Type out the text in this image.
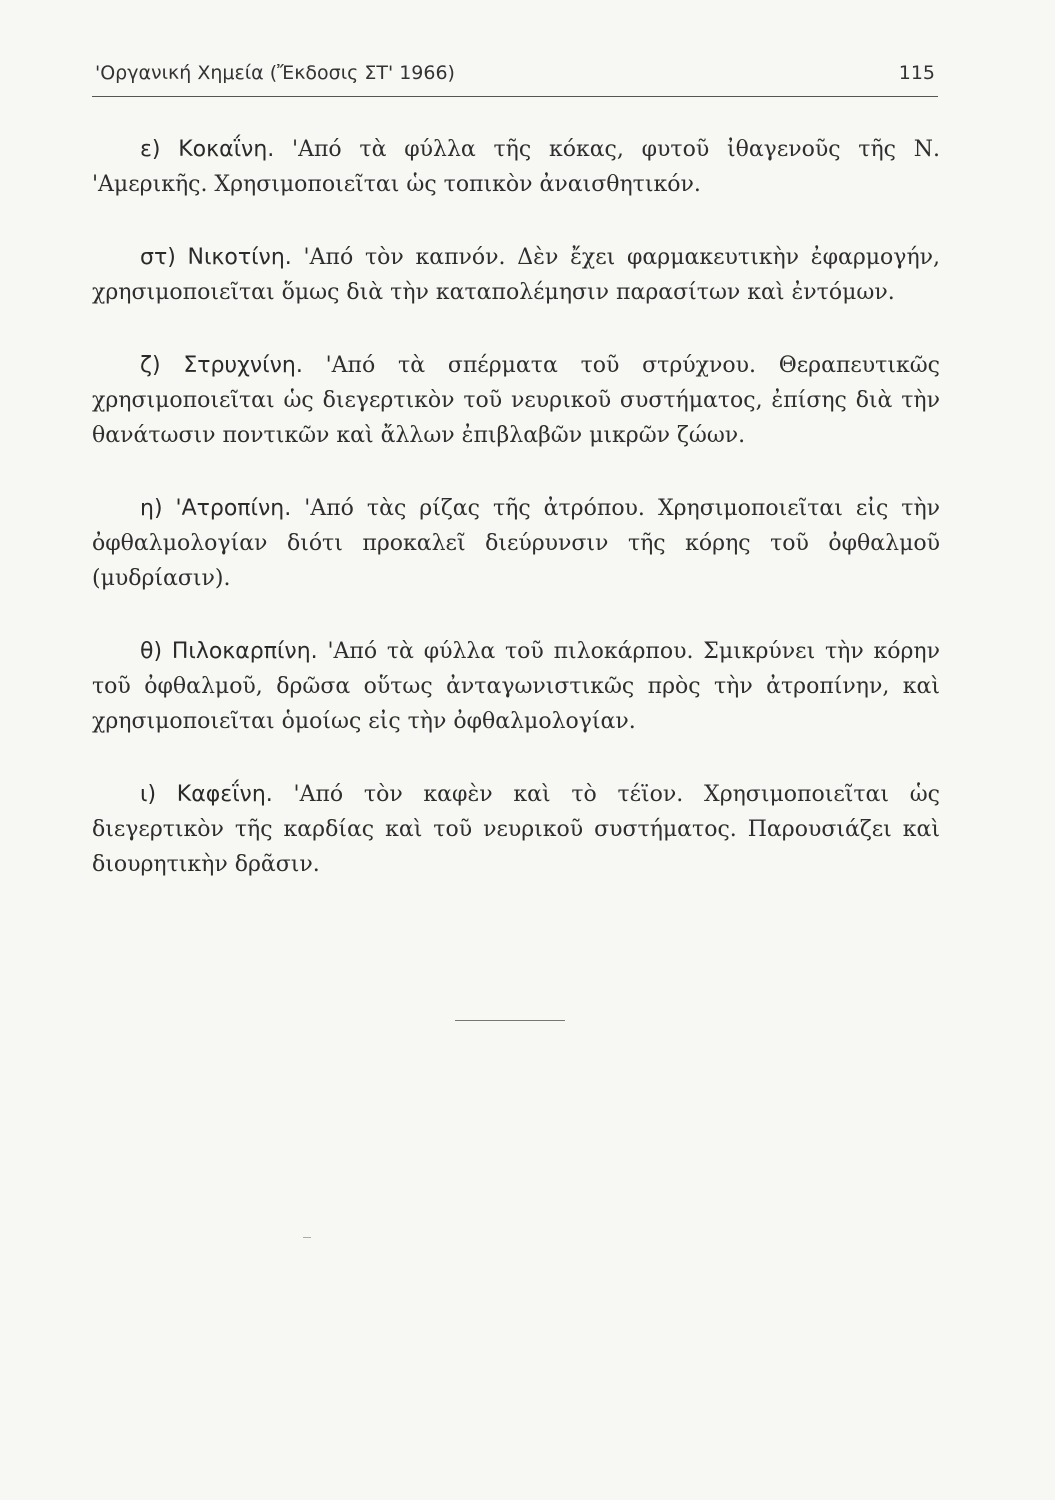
'Οργανική Χημεία (Ἔκδοσις ΣΤ' 1966)	115

ε) Κοκαΐνη. 'Από τὰ φύλλα τῆς κόκας, φυτοῦ ἰθαγενοῦς τῆς Ν. 'Αμερικῆς. Χρησιμοποιεῖται ὡς τοπικὸν ἀναισθητικόν.

στ) Νικοτίνη. 'Από τὸν καπνόν. Δὲν ἔχει φαρμακευτικὴν ἐφαρμογήν, χρησιμοποιεῖται ὅμως διὰ τὴν καταπολέμησιν παρασίτων καὶ ἐντόμων.

ζ) Στρυχνίνη. 'Από τὰ σπέρματα τοῦ στρύχνου. Θεραπευτικῶς χρησιμοποιεῖται ὡς διεγερτικὸν τοῦ νευρικοῦ συστήματος, ἐπίσης διὰ τὴν θανάτωσιν ποντικῶν καὶ ἄλλων ἐπιβλαβῶν μικρῶν ζώων.

η) 'Ατροπίνη. 'Από τὰς ρίζας τῆς ἀτρόπου. Χρησιμοποιεῖται εἰς τὴν ὀφθαλμολογίαν διότι προκαλεῖ διεύρυνσιν τῆς κόρης τοῦ ὀφθαλμοῦ (μυδρίασιν).

θ) Πιλοκαρπίνη. 'Από τὰ φύλλα τοῦ πιλοκάρπου. Σμικρύνει τὴν κόρην τοῦ ὀφθαλμοῦ, δρῶσα οὕτως ἀνταγωνιστικῶς πρὸς τὴν ἀτροπίνην, καὶ χρησιμοποιεῖται ὁμοίως εἰς τὴν ὀφθαλμολογίαν.

ι) Καφεΐνη. 'Από τὸν καφὲν καὶ τὸ τέϊον. Χρησιμοποιεῖται ὡς διεγερτικὸν τῆς καρδίας καὶ τοῦ νευρικοῦ συστήματος. Παρουσιάζει καὶ διουρητικὴν δρᾶσιν.
